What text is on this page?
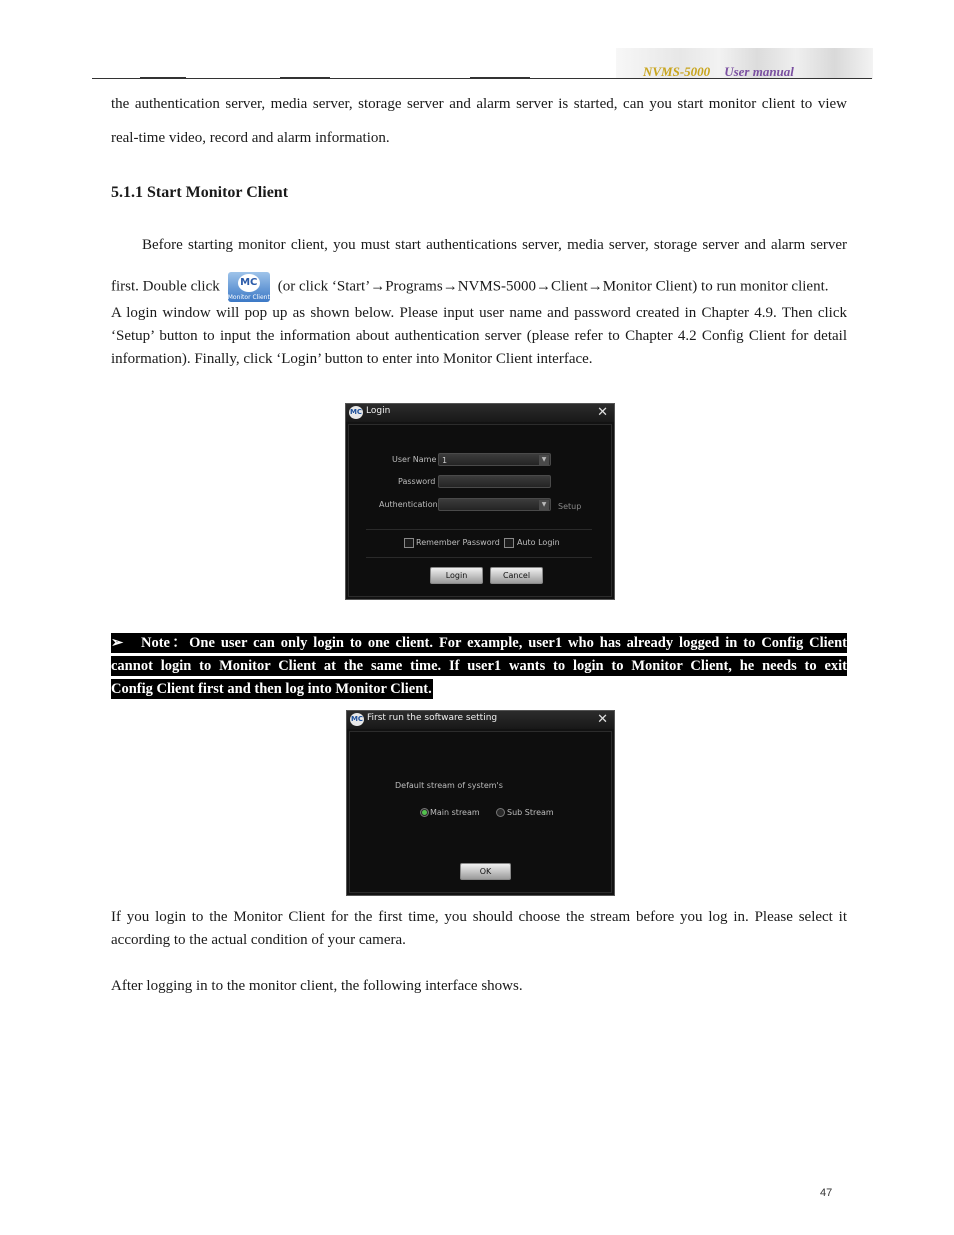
NVMS-5000 User manual
the authentication server, media server, storage server and alarm server is started, can you start monitor client to view
real-time video, record and alarm information.
5.1.1 Start Monitor Client
Before starting monitor client, you must start authentications server, media server, storage server and alarm server
first. Double click MC
Monitor Client
(or click ‘Start’→Programs→NVMS-5000→Client→Monitor Client) to run monitor client.
A login window will pop up as shown below. Please input user name and password created in Chapter 4.9. Then click ‘Setup’ button to input the information about authentication server (please refer to Chapter 4.2 Config Client for detail information). Finally, click ‘Login’ button to enter into Monitor Client interface.
MC Login	✕
User Name 1	▼
Password
Authentication	▼	Setup
Remember Password Auto Login
Login	Cancel
➢ Note：One user can only login to one client. For example, user1 who has already logged in to Config Client
cannot login to Monitor Client at the same time. If user1 wants to login to Monitor Client, he needs to exit
Config Client first and then log into Monitor Client.
MC First run the software setting	✕
Default stream of system's
Main stream	Sub Stream
OK
If you login to the Monitor Client for the first time, you should choose the stream before you log in. Please select it
according to the actual condition of your camera.
After logging in to the monitor client, the following interface shows.
47
